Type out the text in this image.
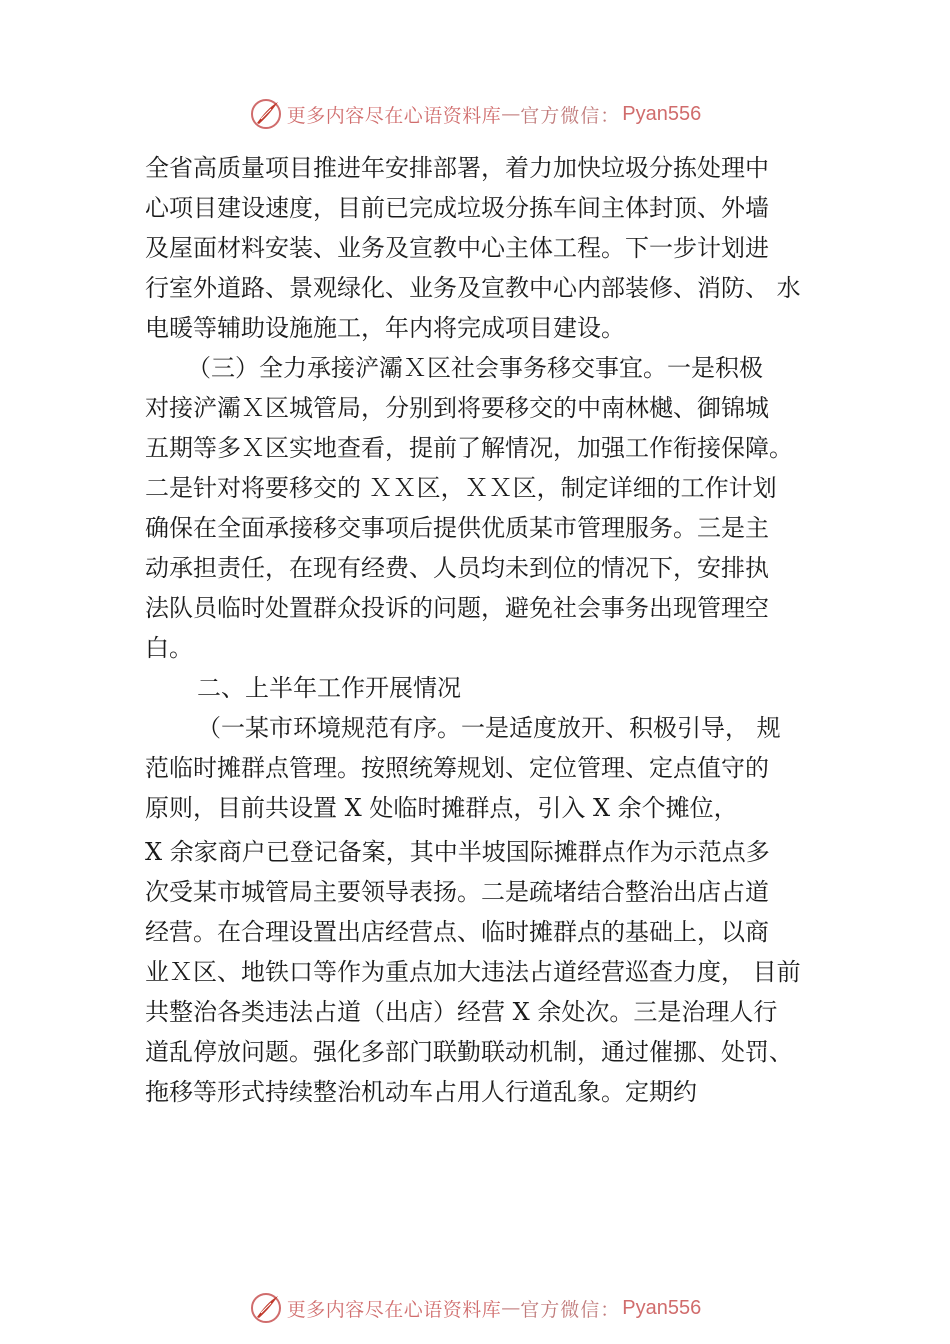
更多内容尽在心语资料库 — 官方微信： Pyan556
全省高质量项目推进年安排部署，着力加快垃圾分拣处理中
心项目建设速度，目前已完成垃圾分拣车间主体封顶、外墙
及屋面材料安装、业务及宣教中心主体工程。下一步计划进
行室外道路、景观绿化、业务及宣教中心内部装修、消防、 水
电暖等辅助设施施工，年内将完成项目建设。
（三）全力承接浐灞Ｘ区社会事务移交事宜。一是积极
对接浐灞Ｘ区城管局，分别到将要移交的中南林樾、御锦城
五期等多Ｘ区实地查看，提前了解情况，加强工作衔接保障。
二是针对将要移交的 ＸＸ区，ＸＸ区，制定详细的工作计划
确保在全面承接移交事项后提供优质某市管理服务。三是主
动承担责任，在现有经费、人员均未到位的情况下，安排执
法队员临时处置群众投诉的问题，避免社会事务出现管理空
白。
二、上半年工作开展情况
（一某市环境规范有序。一是适度放开、积极引导， 规
范临时摊群点管理。按照统筹规划、定位管理、定点值守的
原则，目前共设置 X 处临时摊群点，引入 X 余个摊位，
X 余家商户已登记备案，其中半坡国际摊群点作为示范点多
次受某市城管局主要领导表扬。二是疏堵结合整治出店占道
经营。在合理设置出店经营点、临时摊群点的基础上，以商
业Ｘ区、地铁口等作为重点加大违法占道经营巡查力度， 目前
共整治各类违法占道（出店）经营 X 余处次。三是治理人行
道乱停放问题。强化多部门联勤联动机制，通过催挪、处罚、
拖移等形式持续整治机动车占用人行道乱象。定期约
更多内容尽在心语资料库 — 官方微信： Pyan556
